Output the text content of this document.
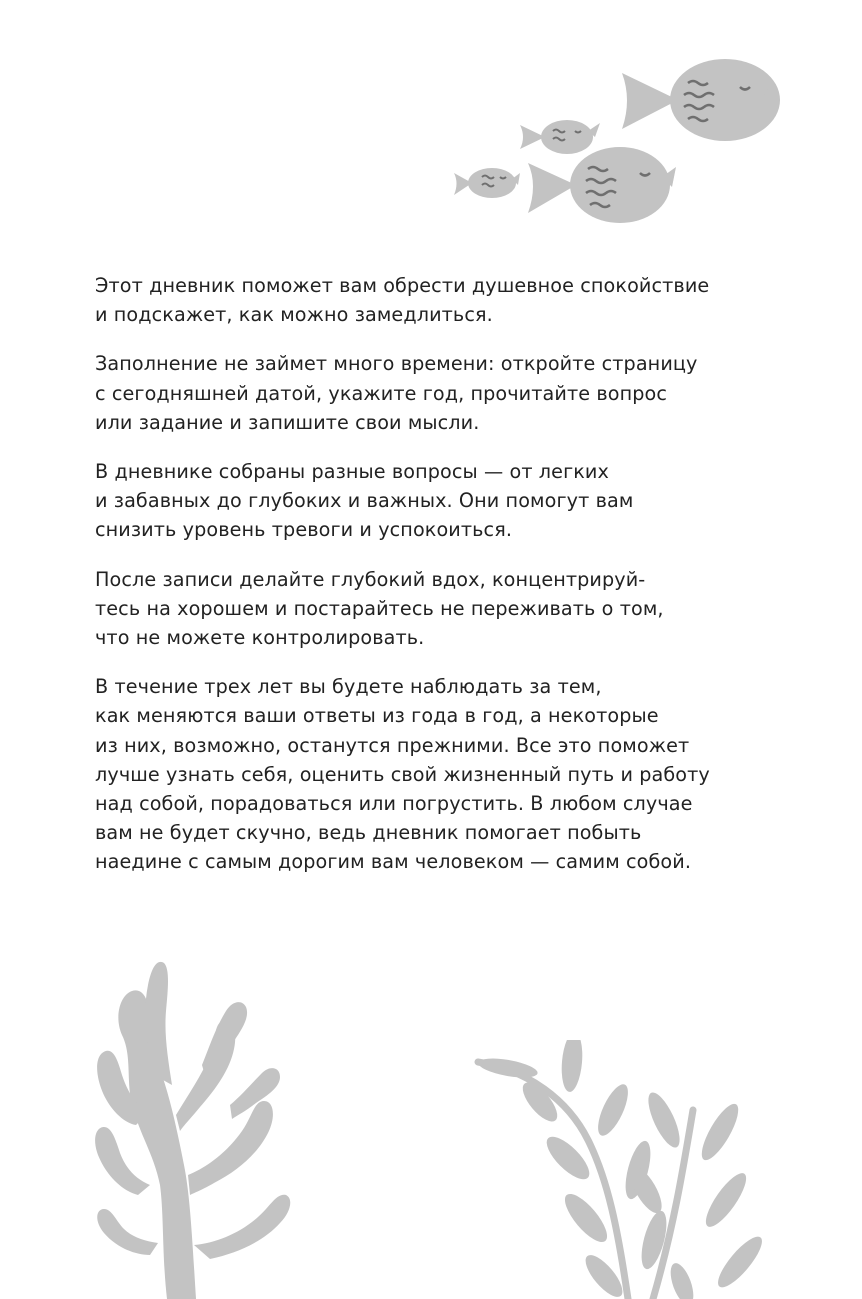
Этот дневник поможет вам обрести душевное спокойствие
и подскажет, как можно замедлиться.

Заполнение не займет много времени: откройте страницу
с сегодняшней датой, укажите год, прочитайте вопрос
или задание и запишите свои мысли.

В дневнике собраны разные вопросы — от легких
и забавных до глубоких и важных. Они помогут вам
снизить уровень тревоги и успокоиться.

После записи делайте глубокий вдох, концентрируй-
тесь на хорошем и постарайтесь не переживать о том,
что не можете контролировать.

В течение трех лет вы будете наблюдать за тем,
как меняются ваши ответы из года в год, а некоторые
из них, возможно, останутся прежними. Все это поможет
лучше узнать себя, оценить свой жизненный путь и работу
над собой, порадоваться или погрустить. В любом случае
вам не будет скучно, ведь дневник помогает побыть
наедине с самым дорогим вам человеком — самим собой.
